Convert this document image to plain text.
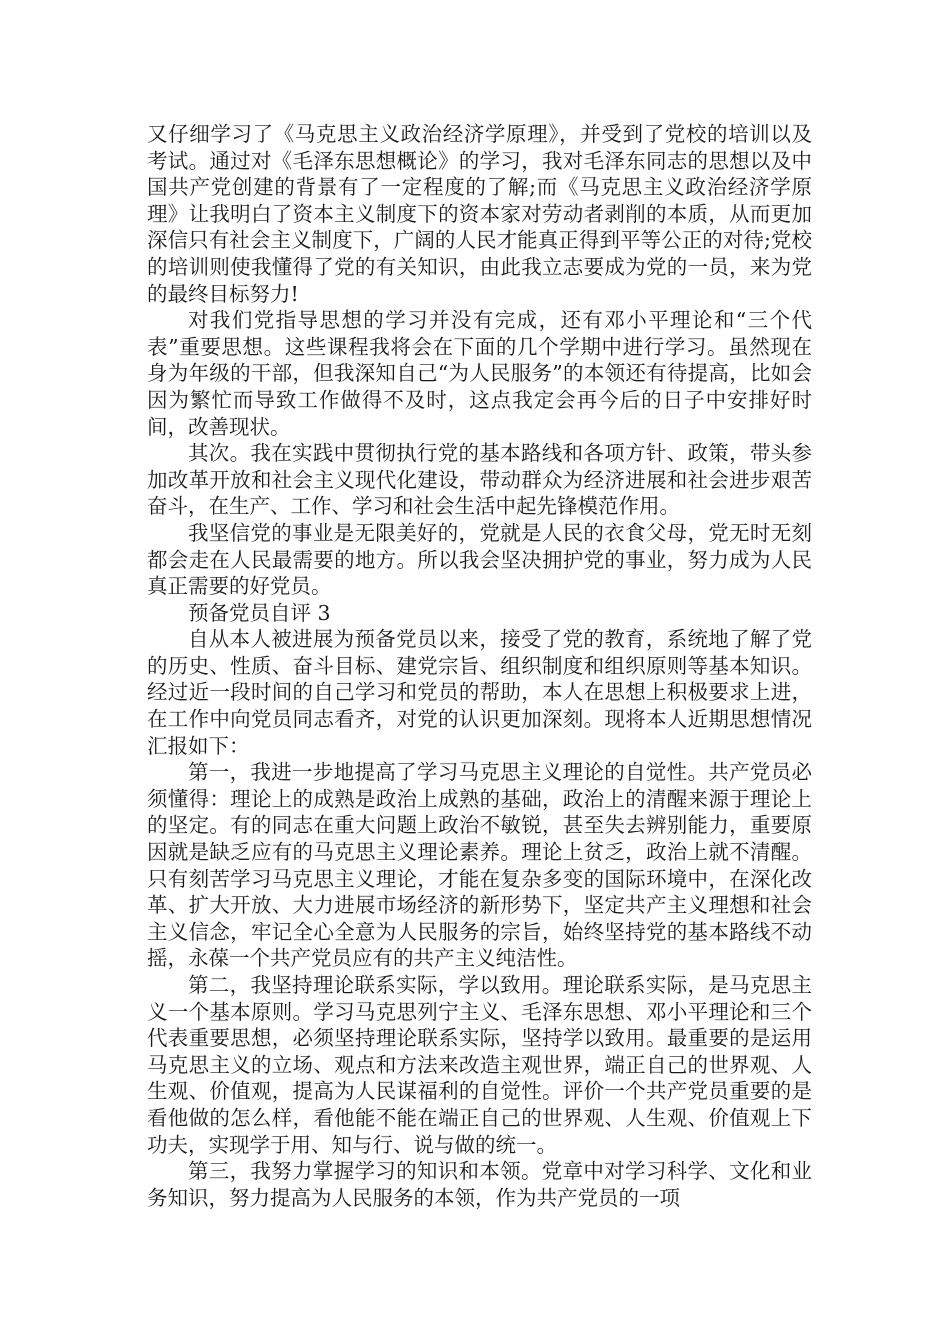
又仔细学习了《马克思主义政治经济学原理》，并受到了党校的培训以及考试。通过对《毛泽东思想概论》的学习，我对毛泽东同志的思想以及中国共产党创建的背景有了一定程度的了解;而《马克思主义政治经济学原理》让我明白了资本主义制度下的资本家对劳动者剥削的本质，从而更加深信只有社会主义制度下，广阔的人民才能真正得到平等公正的对待;党校的培训则使我懂得了党的有关知识，由此我立志要成为党的一员，来为党的最终目标努力!

对我们党指导思想的学习并没有完成，还有邓小平理论和“三个代表”重要思想。这些课程我将会在下面的几个学期中进行学习。虽然现在身为年级的干部，但我深知自己“为人民服务”的本领还有待提高，比如会因为繁忙而导致工作做得不及时，这点我定会再今后的日子中安排好时间，改善现状。

其次。我在实践中贯彻执行党的基本路线和各项方针、政策，带头参加改革开放和社会主义现代化建设，带动群众为经济进展和社会进步艰苦奋斗，在生产、工作、学习和社会生活中起先锋模范作用。

我坚信党的事业是无限美好的，党就是人民的衣食父母，党无时无刻都会走在人民最需要的地方。所以我会坚决拥护党的事业，努力成为人民真正需要的好党员。

预备党员自评 3

自从本人被进展为预备党员以来，接受了党的教育，系统地了解了党的历史、性质、奋斗目标、建党宗旨、组织制度和组织原则等基本知识。经过近一段时间的自己学习和党员的帮助，本人在思想上积极要求上进，在工作中向党员同志看齐，对党的认识更加深刻。现将本人近期思想情况汇报如下：

第一，我进一步地提高了学习马克思主义理论的自觉性。共产党员必须懂得：理论上的成熟是政治上成熟的基础，政治上的清醒来源于理论上的坚定。有的同志在重大问题上政治不敏锐，甚至失去辨别能力，重要原因就是缺乏应有的马克思主义理论素养。理论上贫乏，政治上就不清醒。只有刻苦学习马克思主义理论，才能在复杂多变的国际环境中，在深化改革、扩大开放、大力进展市场经济的新形势下，坚定共产主义理想和社会主义信念，牢记全心全意为人民服务的宗旨，始终坚持党的基本路线不动摇，永葆一个共产党员应有的共产主义纯洁性。

第二，我坚持理论联系实际，学以致用。理论联系实际，是马克思主义一个基本原则。学习马克思列宁主义、毛泽东思想、邓小平理论和三个代表重要思想，必须坚持理论联系实际，坚持学以致用。最重要的是运用马克思主义的立场、观点和方法来改造主观世界，端正自己的世界观、人生观、价值观，提高为人民谋福利的自觉性。评价一个共产党员重要的是看他做的怎么样，看他能不能在端正自己的世界观、人生观、价值观上下功夫，实现学于用、知与行、说与做的统一。

第三，我努力掌握学习的知识和本领。党章中对学习科学、文化和业务知识，努力提高为人民服务的本领，作为共产党员的一项
